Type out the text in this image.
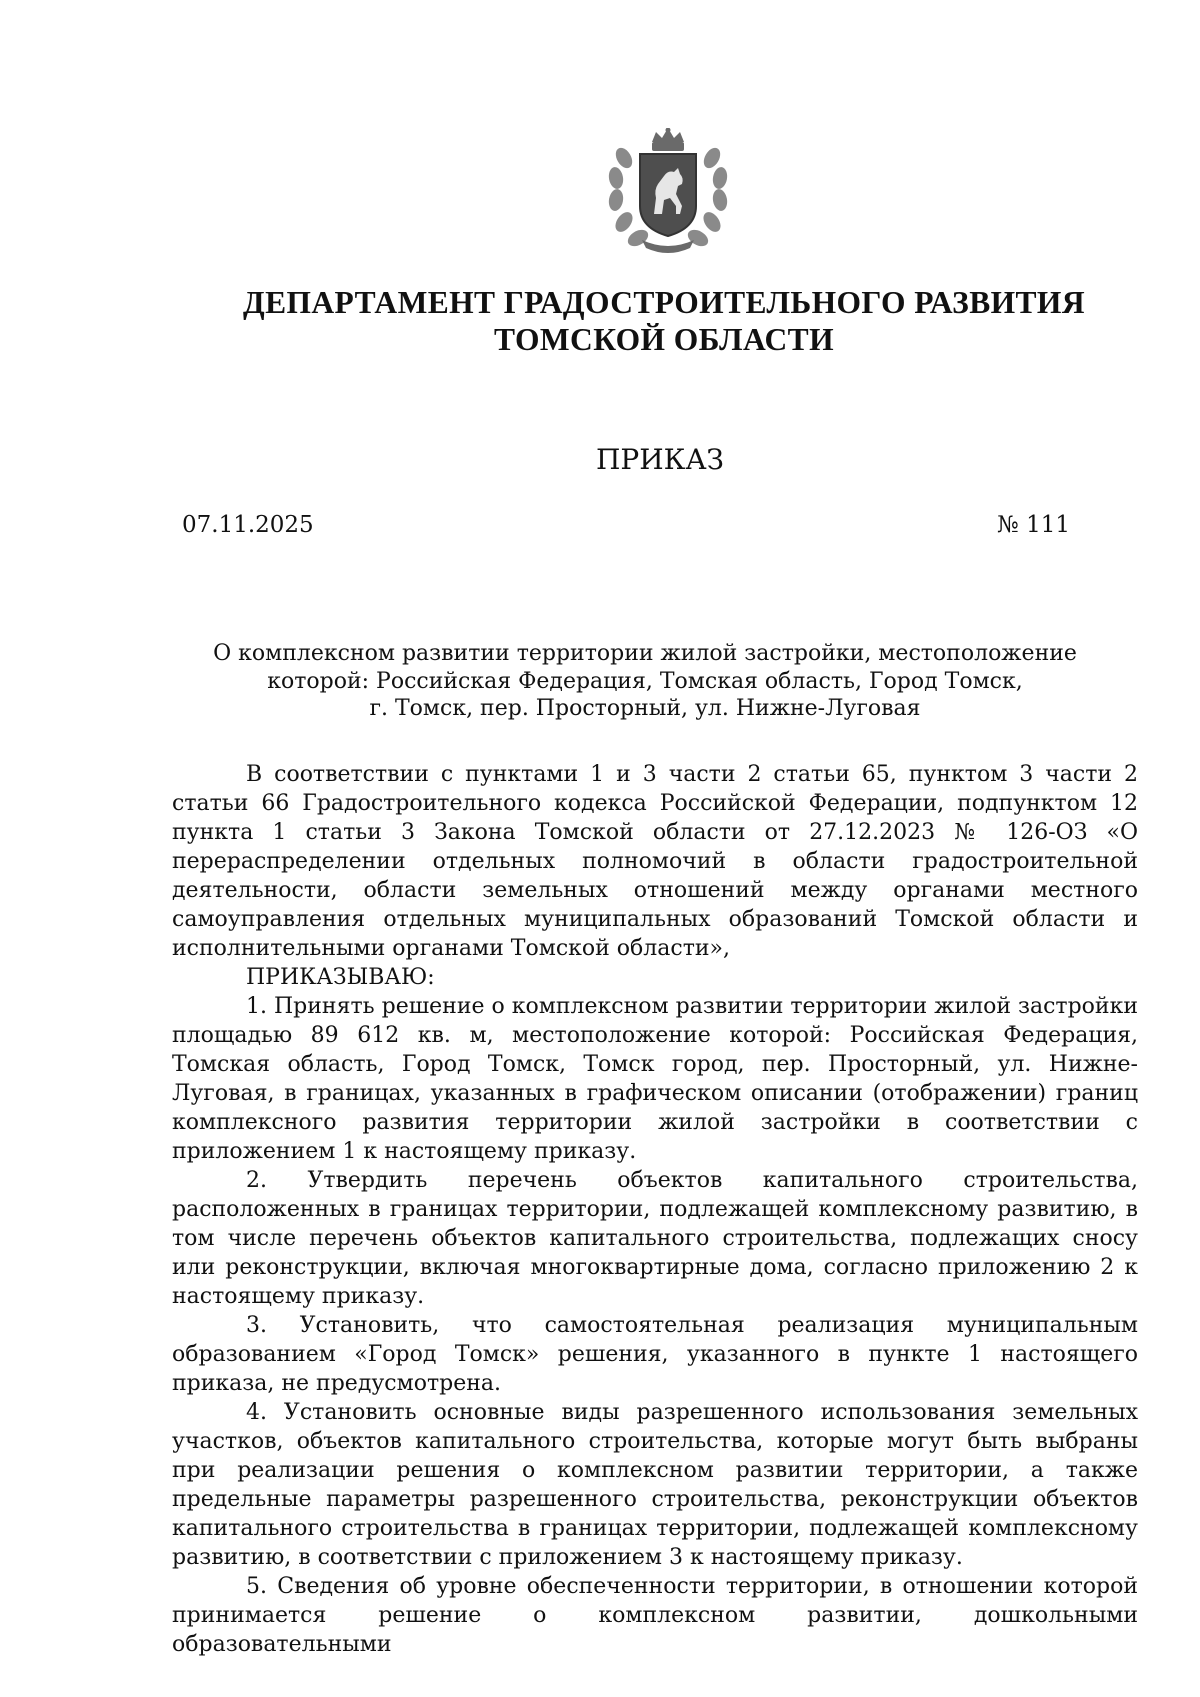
ДЕПАРТАМЕНТ ГРАДОСТРОИТЕЛЬНОГО РАЗВИТИЯ
ТОМСКОЙ ОБЛАСТИ
ПРИКАЗ
07.11.2025	№ 111
О комплексном развитии территории жилой застройки, местоположение
которой: Российская Федерация, Томская область, Город Томск,
г. Томск, пер. Просторный, ул. Нижне-Луговая

В соответствии с пунктами 1 и 3 части 2 статьи 65, пунктом 3 части 2 статьи 66 Градостроительного кодекса Российской Федерации, подпунктом 12 пункта 1 статьи 3 Закона Томской области от 27.12.2023 № 126-ОЗ «О перераспределении отдельных полномочий в области градостроительной деятельности, области земельных отношений между органами местного самоуправления отдельных муниципальных образований Томской области и исполнительными органами Томской области»,

ПРИКАЗЫВАЮ:

1. Принять решение о комплексном развитии территории жилой застройки площадью 89 612 кв. м, местоположение которой: Российская Федерация, Томская область, Город Томск, Томск город, пер. Просторный, ул. Нижне-Луговая, в границах, указанных в графическом описании (отображении) границ комплексного развития территории жилой застройки в соответствии с приложением 1 к настоящему приказу.

2. Утвердить перечень объектов капитального строительства, расположенных в границах территории, подлежащей комплексному развитию, в том числе перечень объектов капитального строительства, подлежащих сносу или реконструкции, включая многоквартирные дома, согласно приложению 2 к настоящему приказу.

3. Установить, что самостоятельная реализация муниципальным образованием «Город Томск» решения, указанного в пункте 1 настоящего приказа, не предусмотрена.

4. Установить основные виды разрешенного использования земельных участков, объектов капитального строительства, которые могут быть выбраны при реализации решения о комплексном развитии территории, а также предельные параметры разрешенного строительства, реконструкции объектов капитального строительства в границах территории, подлежащей комплексному развитию, в соответствии с приложением 3 к настоящему приказу.

5. Сведения об уровне обеспеченности территории, в отношении которой принимается решение о комплексном развитии, дошкольными образовательными
